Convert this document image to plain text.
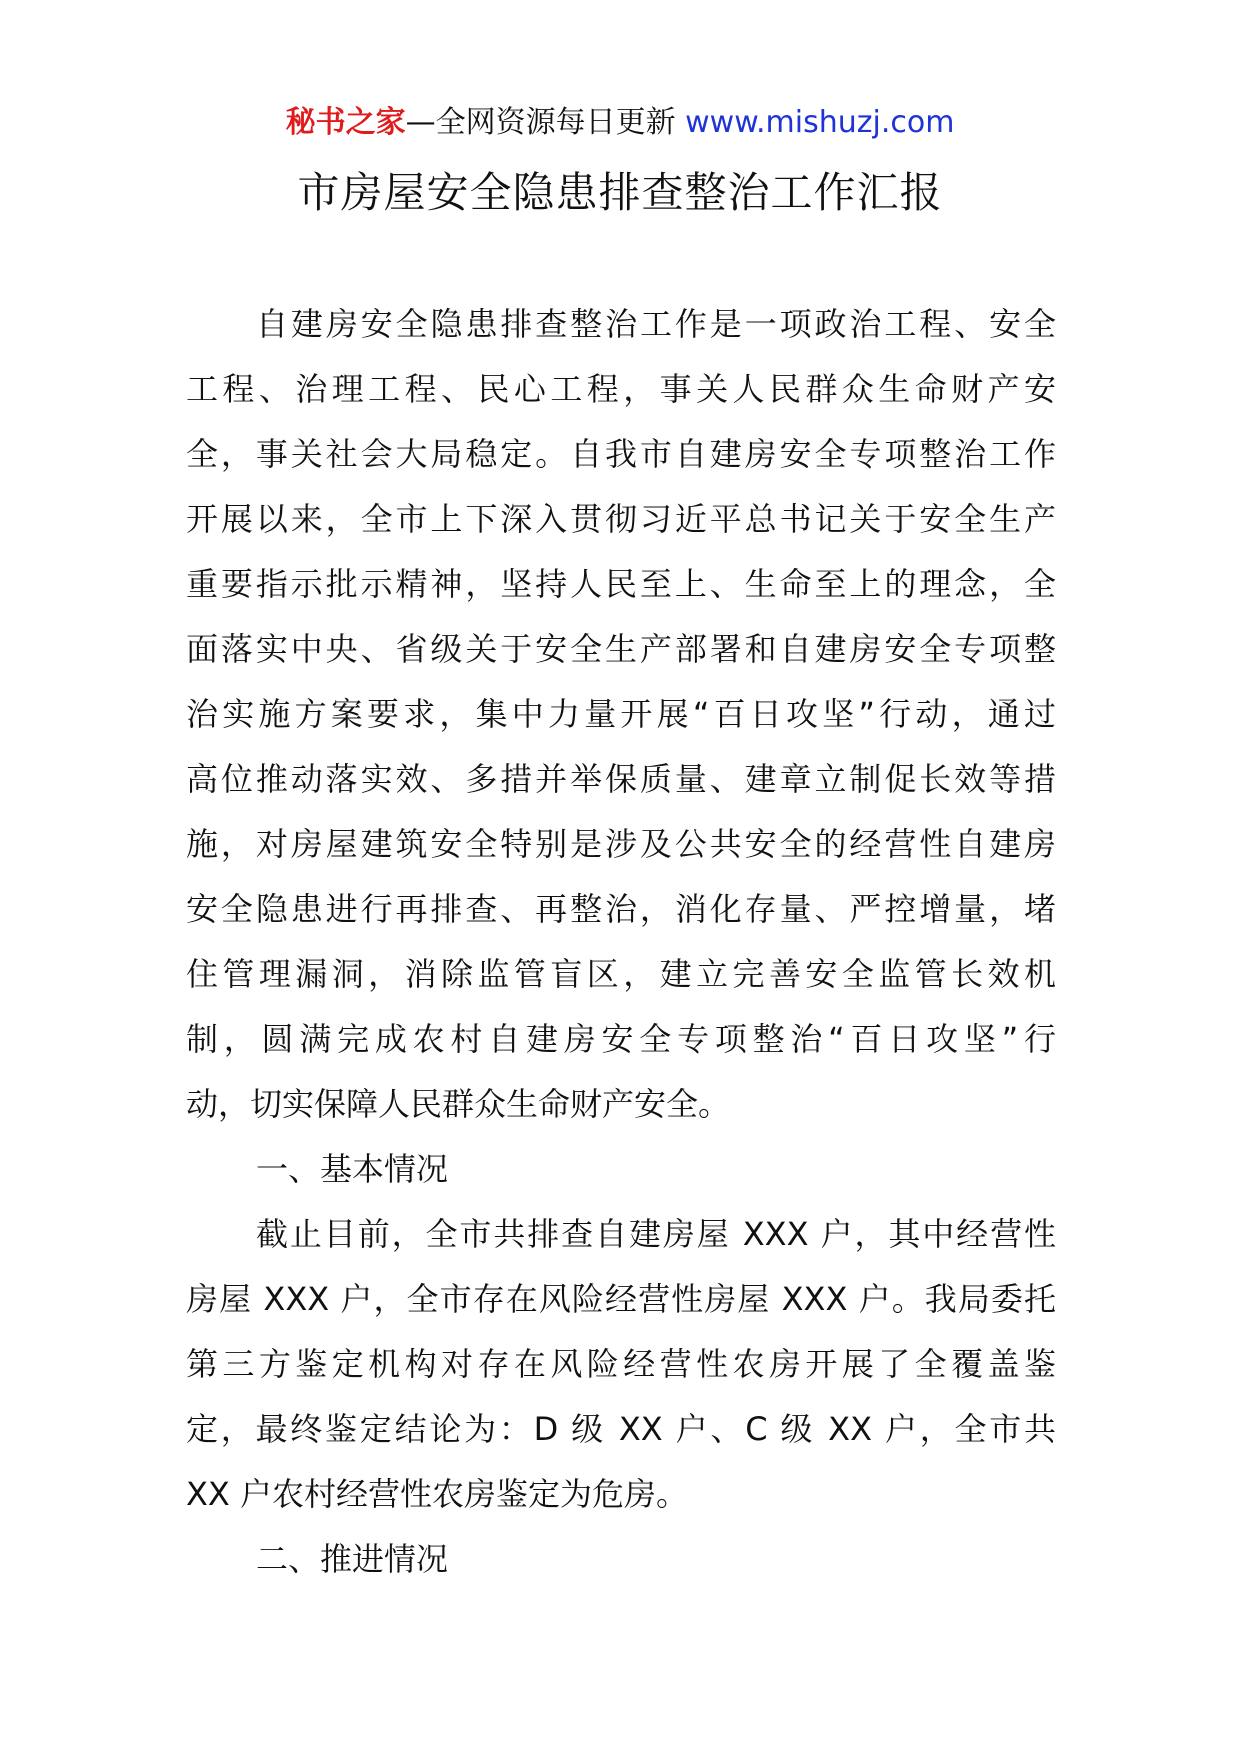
秘书之家—全网资源每日更新 www.mishuzj.com
市房屋安全隐患排查整治工作汇报
自建房安全隐患排查整治工作是一项政治工程、安全
工程、治理工程、民心工程，事关人民群众生命财产安
全，事关社会大局稳定。自我市自建房安全专项整治工作
开展以来，全市上下深入贯彻习近平总书记关于安全生产
重要指示批示精神，坚持人民至上、生命至上的理念，全
面落实中央、省级关于安全生产部署和自建房安全专项整
治实施方案要求，集中力量开展“百日攻坚”行动，通过
高位推动落实效、多措并举保质量、建章立制促长效等措
施，对房屋建筑安全特别是涉及公共安全的经营性自建房
安全隐患进行再排查、再整治，消化存量、严控增量，堵
住管理漏洞，消除监管盲区，建立完善安全监管长效机
制，圆满完成农村自建房安全专项整治“百日攻坚”行
动，切实保障人民群众生命财产安全。
一、基本情况
截止目前，全市共排查自建房屋 XXX 户，其中经营性
房屋 XXX 户，全市存在风险经营性房屋 XXX 户。我局委托
第三方鉴定机构对存在风险经营性农房开展了全覆盖鉴
定，最终鉴定结论为：D 级 XX 户、C 级 XX 户，全市共
XX 户农村经营性农房鉴定为危房。
二、推进情况
